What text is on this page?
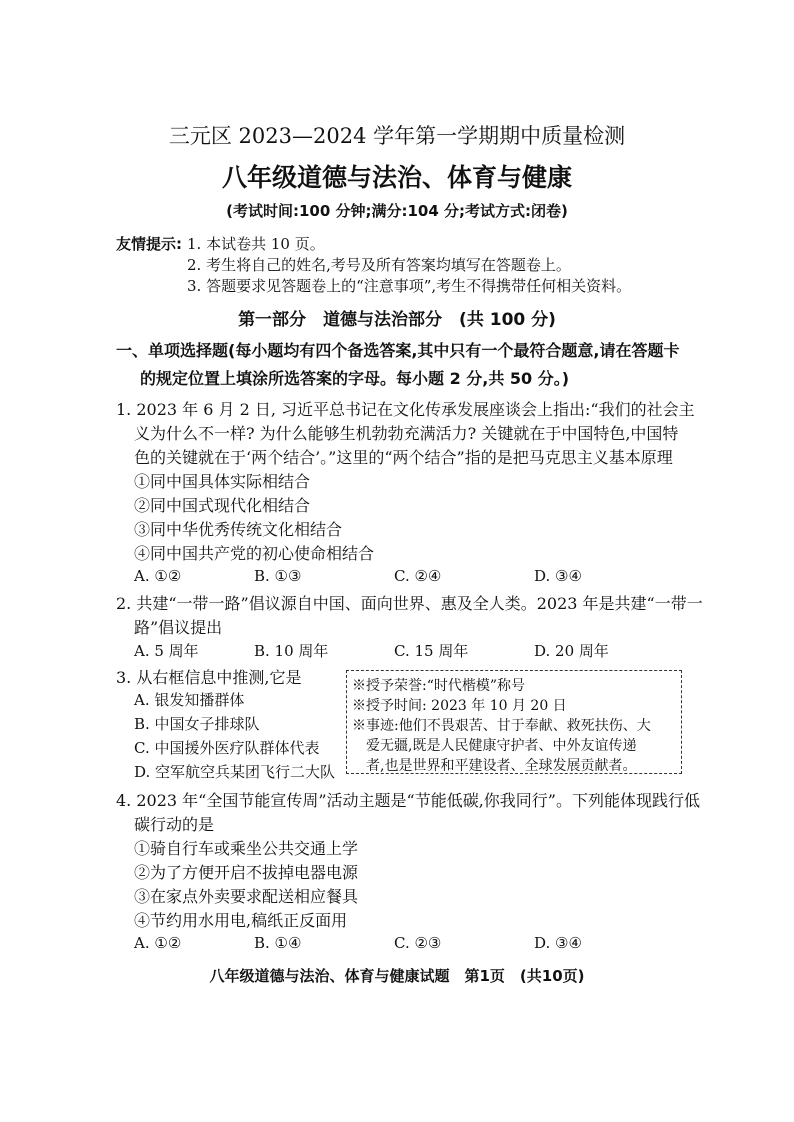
三元区 2023—2024 学年第一学期期中质量检测
八年级道德与法治、体育与健康
(考试时间:100 分钟;满分:104 分;考试方式:闭卷)
友情提示: 1. 本试卷共 10 页。
2. 考生将自己的姓名,考号及所有答案均填写在答题卷上。
3. 答题要求见答题卷上的“注意事项”,考生不得携带任何相关资料。
第一部分　道德与法治部分　(共 100 分)
一、单项选择题(每小题均有四个备选答案,其中只有一个最符合题意,请在答题卡
的规定位置上填涂所选答案的字母。每小题 2 分,共 50 分。)
1. 2023 年 6 月 2 日, 习近平总书记在文化传承发展座谈会上指出:“我们的社会主
义为什么不一样? 为什么能够生机勃勃充满活力? 关键就在于中国特色,中国特
色的关键就在于‘两个结合’。”这里的“两个结合”指的是把马克思主义基本原理
①同中国具体实际相结合
②同中国式现代化相结合
③同中华优秀传统文化相结合
④同中国共产党的初心使命相结合
A. ①②	B. ①③	C. ②④	D. ③④
2. 共建“一带一路”倡议源自中国、面向世界、惠及全人类。2023 年是共建“一带一
路”倡议提出
A. 5 周年	B. 10 周年	C. 15 周年	D. 20 周年
3. 从右框信息中推测,它是
A. 银发知播群体
B. 中国女子排球队
C. 中国援外医疗队群体代表
D. 空军航空兵某团飞行二大队
※授予荣誉:“时代楷模”称号
※授予时间: 2023 年 10 月 20 日
※事迹:他们不畏艰苦、甘于奉献、救死扶伤、大
　爱无疆,既是人民健康守护者、中外友谊传递
　者,也是世界和平建设者、全球发展贡献者。
4. 2023 年“全国节能宣传周”活动主题是“节能低碳,你我同行”。下列能体现践行低
碳行动的是
①骑自行车或乘坐公共交通上学
②为了方便开启不拔掉电器电源
③在家点外卖要求配送相应餐具
④节约用水用电,稿纸正反面用
A. ①②	B. ①④	C. ②③	D. ③④
八年级道德与法治、体育与健康试题　第1页　(共10页)
